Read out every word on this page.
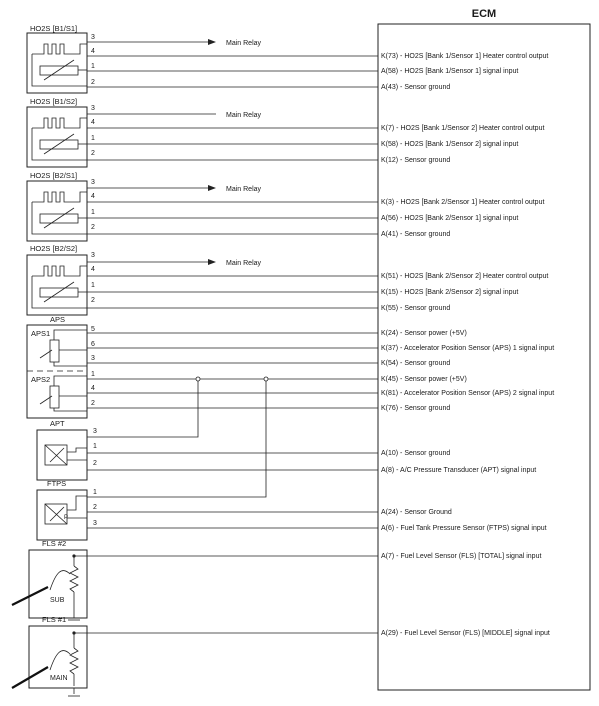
ECM
HO2S [B1/S1]
3
4
1
2
Main Relay
K(73) - HO2S [Bank 1/Sensor 1] Heater control output
A(58) - HO2S [Bank 1/Sensor 1] signal input
A(43) - Sensor ground
HO2S [B1/S2]
3
4
1
2
Main Relay
K(7) - HO2S [Bank 1/Sensor 2] Heater control output
K(58) - HO2S [Bank 1/Sensor 2] signal input
K(12) - Sensor ground
HO2S [B2/S1]
3
4
1
2
Main Relay
K(3) - HO2S [Bank 2/Sensor 1] Heater control output
A(56) - HO2S [Bank 2/Sensor 1] signal input
A(41) - Sensor ground
HO2S [B2/S2]
3
4
1
2
Main Relay
K(51) - HO2S [Bank 2/Sensor 2] Heater control output
K(15) - HO2S [Bank 2/Sensor 2] signal input
K(55) - Sensor ground
APS
APS1
APS2
5
6
3
1
4
2
K(24) - Sensor power (+5V)
K(37) - Accelerator Position Sensor (APS) 1 signal input
K(54) - Sensor ground
K(45) - Sensor power (+5V)
K(81) - Accelerator Position Sensor (APS) 2 signal input
K(76) - Sensor ground
APT
3
1
2
A(10) - Sensor ground
A(8) - A/C Pressure Transducer (APT) signal input
FTPS
P
1
2
3
A(24) - Sensor Ground
A(6) - Fuel Tank Pressure Sensor (FTPS) signal input
FLS #2
SUB
A(7) - Fuel Level Sensor (FLS) [TOTAL] signal input
FLS #1
MAIN
A(29) - Fuel Level Sensor (FLS) [MIDDLE] signal input
